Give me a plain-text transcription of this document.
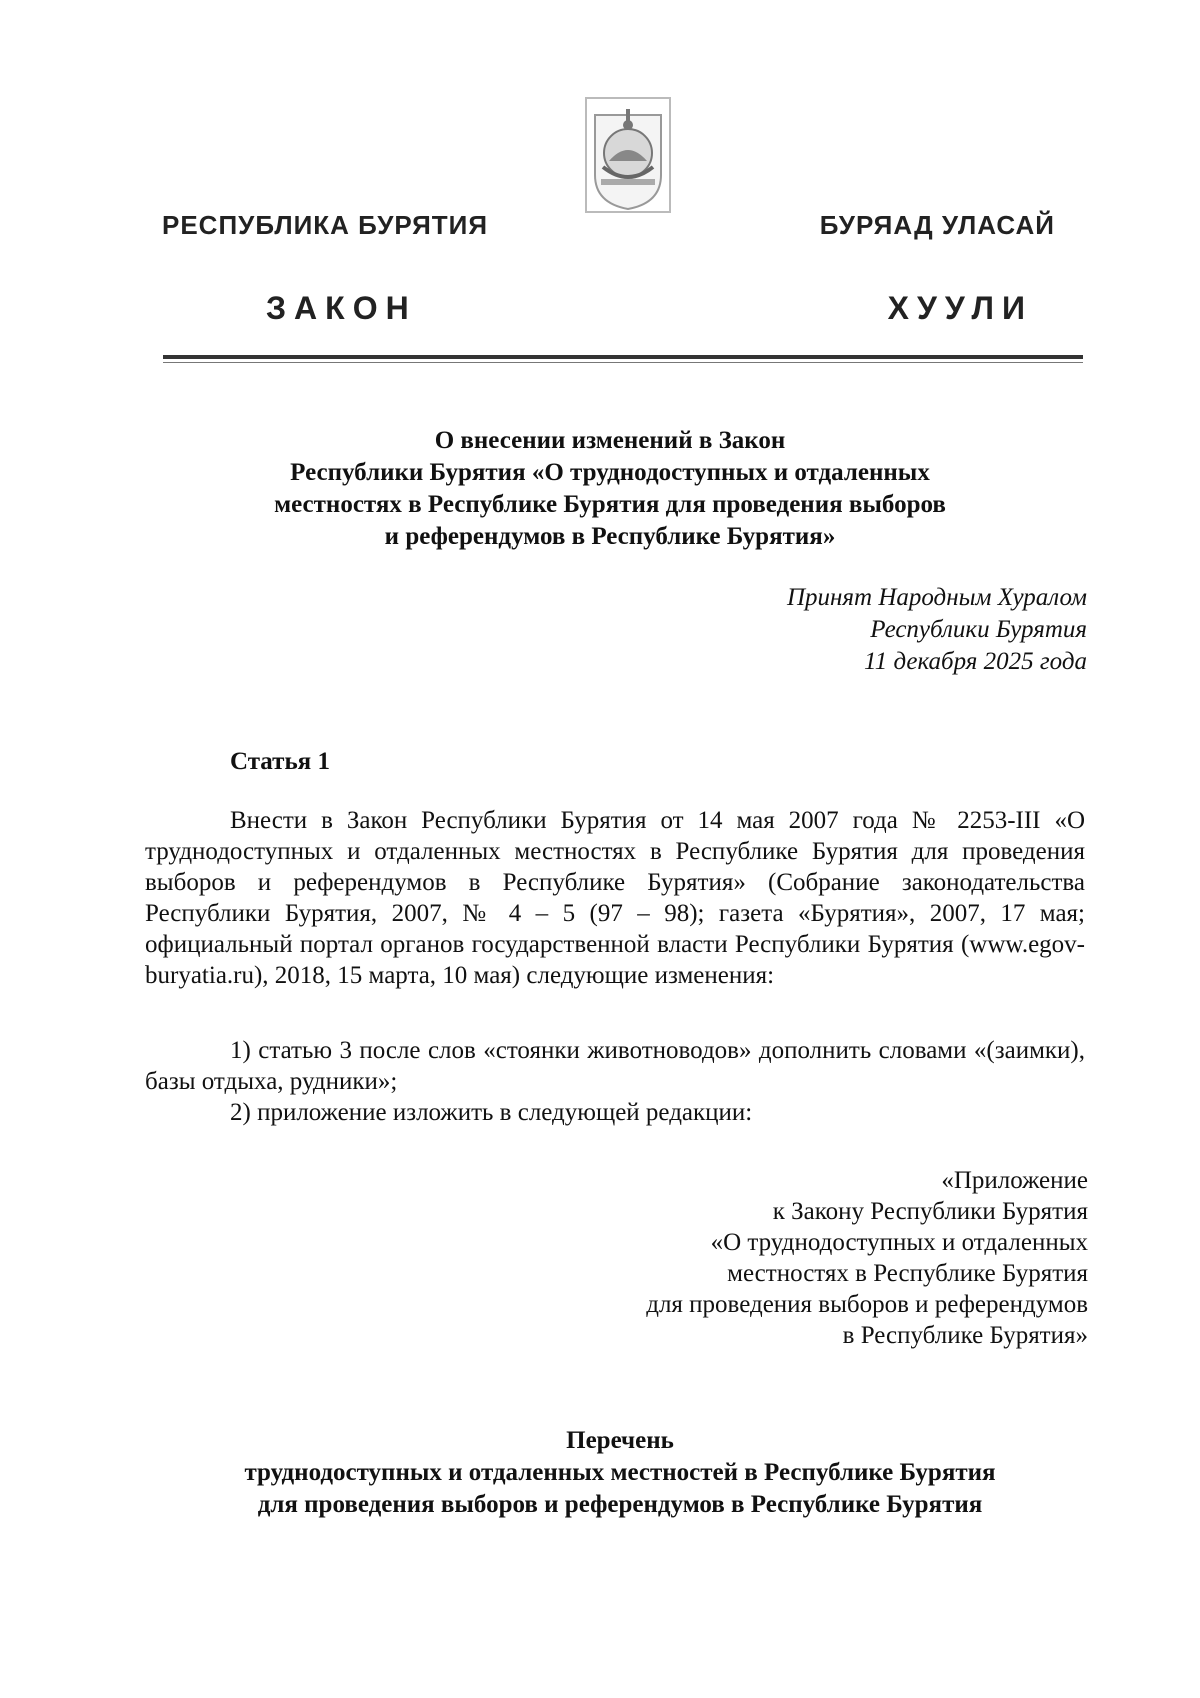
РЕСПУБЛИКА БУРЯТИЯ	БУРЯАД УЛАСАЙ
ЗАКОН	ХУУЛИ
О внесении изменений в Закон
Республики Бурятия «О труднодоступных и отдаленных
местностях в Республике Бурятия для проведения выборов
и референдумов в Республике Бурятия»
Принят Народным Хуралом
Республики Бурятия
11 декабря 2025 года
Статья 1
Внести в Закон Республики Бурятия от 14 мая 2007 года № 2253-III «О труднодоступных и отдаленных местностях в Республике Бурятия для проведения выборов и референдумов в Республике Бурятия» (Собрание законодательства Республики Бурятия, 2007, № 4 – 5 (97 – 98); газета «Бурятия», 2007, 17 мая; официальный портал органов государственной власти Республики Бурятия (www.egov-buryatia.ru), 2018, 15 марта, 10 мая) следующие изменения:
1) статью 3 после слов «стоянки животноводов» дополнить словами «(заимки), базы отдыха, рудники»;
2) приложение изложить в следующей редакции:
«Приложение
к Закону Республики Бурятия
«О труднодоступных и отдаленных
местностях в Республике Бурятия
для проведения выборов и референдумов
в Республике Бурятия»
Перечень
труднодоступных и отдаленных местностей в Республике Бурятия
для проведения выборов и референдумов в Республике Бурятия
